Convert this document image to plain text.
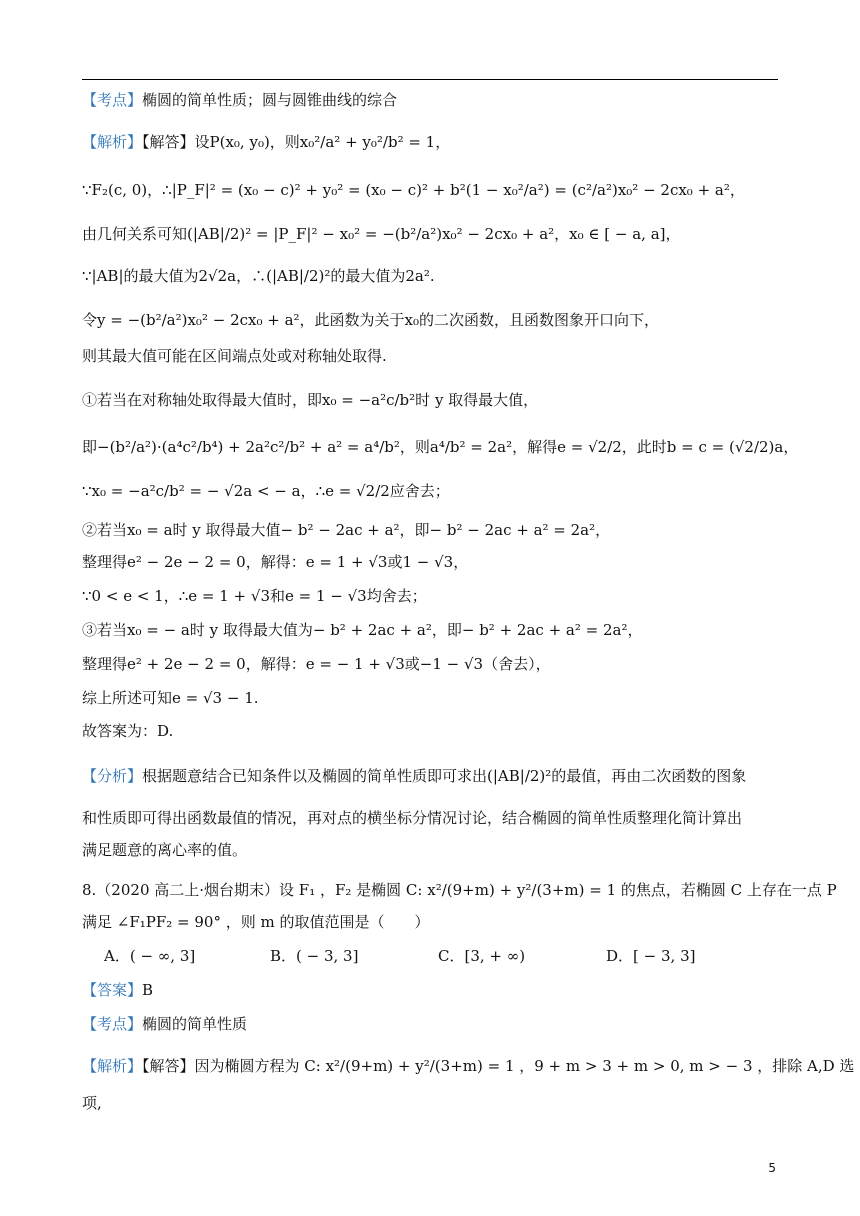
【考点】椭圆的简单性质；圆与圆锥曲线的综合
【解析】【解答】设P(x₀, y₀)，则x₀²/a² + y₀²/b² = 1，
∵F₂(c, 0)，∴|P_F|² = (x₀ − c)² + y₀² = (x₀ − c)² + b²(1 − x₀²/a²) = (c²/a²)x₀² − 2cx₀ + a²，
由几何关系可知(|AB|/2)² = |P_F|² − x₀² = −(b²/a²)x₀² − 2cx₀ + a²，x₀ ∈ [ − a, a]，
∵|AB|的最大值为2√2a，∴(|AB|/2)²的最大值为2a².
令y = −(b²/a²)x₀² − 2cx₀ + a²，此函数为关于x₀的二次函数，且函数图象开口向下，
则其最大值可能在区间端点处或对称轴处取得.
①若当在对称轴处取得最大值时，即x₀ = −a²c/b²时 y 取得最大值，
即−(b²/a²)·(a⁴c²/b⁴) + 2a²c²/b² + a² = a⁴/b²，则a⁴/b² = 2a²，解得e = √2/2，此时b = c = (√2/2)a，
∵x₀ = −a²c/b² = − √2a < − a，∴e = √2/2应舍去；
②若当x₀ = a时 y 取得最大值− b² − 2ac + a²，即− b² − 2ac + a² = 2a²，
整理得e² − 2e − 2 = 0，解得：e = 1 + √3或1 − √3，
∵0 < e < 1，∴e = 1 + √3和e = 1 − √3均舍去；
③若当x₀ = − a时 y 取得最大值为− b² + 2ac + a²，即− b² + 2ac + a² = 2a²，
整理得e² + 2e − 2 = 0，解得：e = − 1 + √3或−1 − √3（舍去），
综上所述可知e = √3 − 1.
故答案为：D.
【分析】根据题意结合已知条件以及椭圆的简单性质即可求出(|AB|/2)²的最值，再由二次函数的图象
和性质即可得出函数最值的情况，再对点的横坐标分情况讨论，结合椭圆的简单性质整理化简计算出
满足题意的离心率的值。
8.（2020 高二上·烟台期末）设 F₁ ，F₂ 是椭圆 C: x²/(9+m) + y²/(3+m) = 1 的焦点，若椭圆 C 上存在一点 P
满足 ∠F₁PF₂ = 90° ，则 m 的取值范围是（　　）
A．( − ∞, 3]	B．( − 3, 3]	C．[3, + ∞)	D．[ − 3, 3]
【答案】B
【考点】椭圆的简单性质
【解析】【解答】因为椭圆方程为 C: x²/(9+m) + y²/(3+m) = 1 ，9 + m > 3 + m > 0, m > − 3 ，排除 A,D 选
项,
5
